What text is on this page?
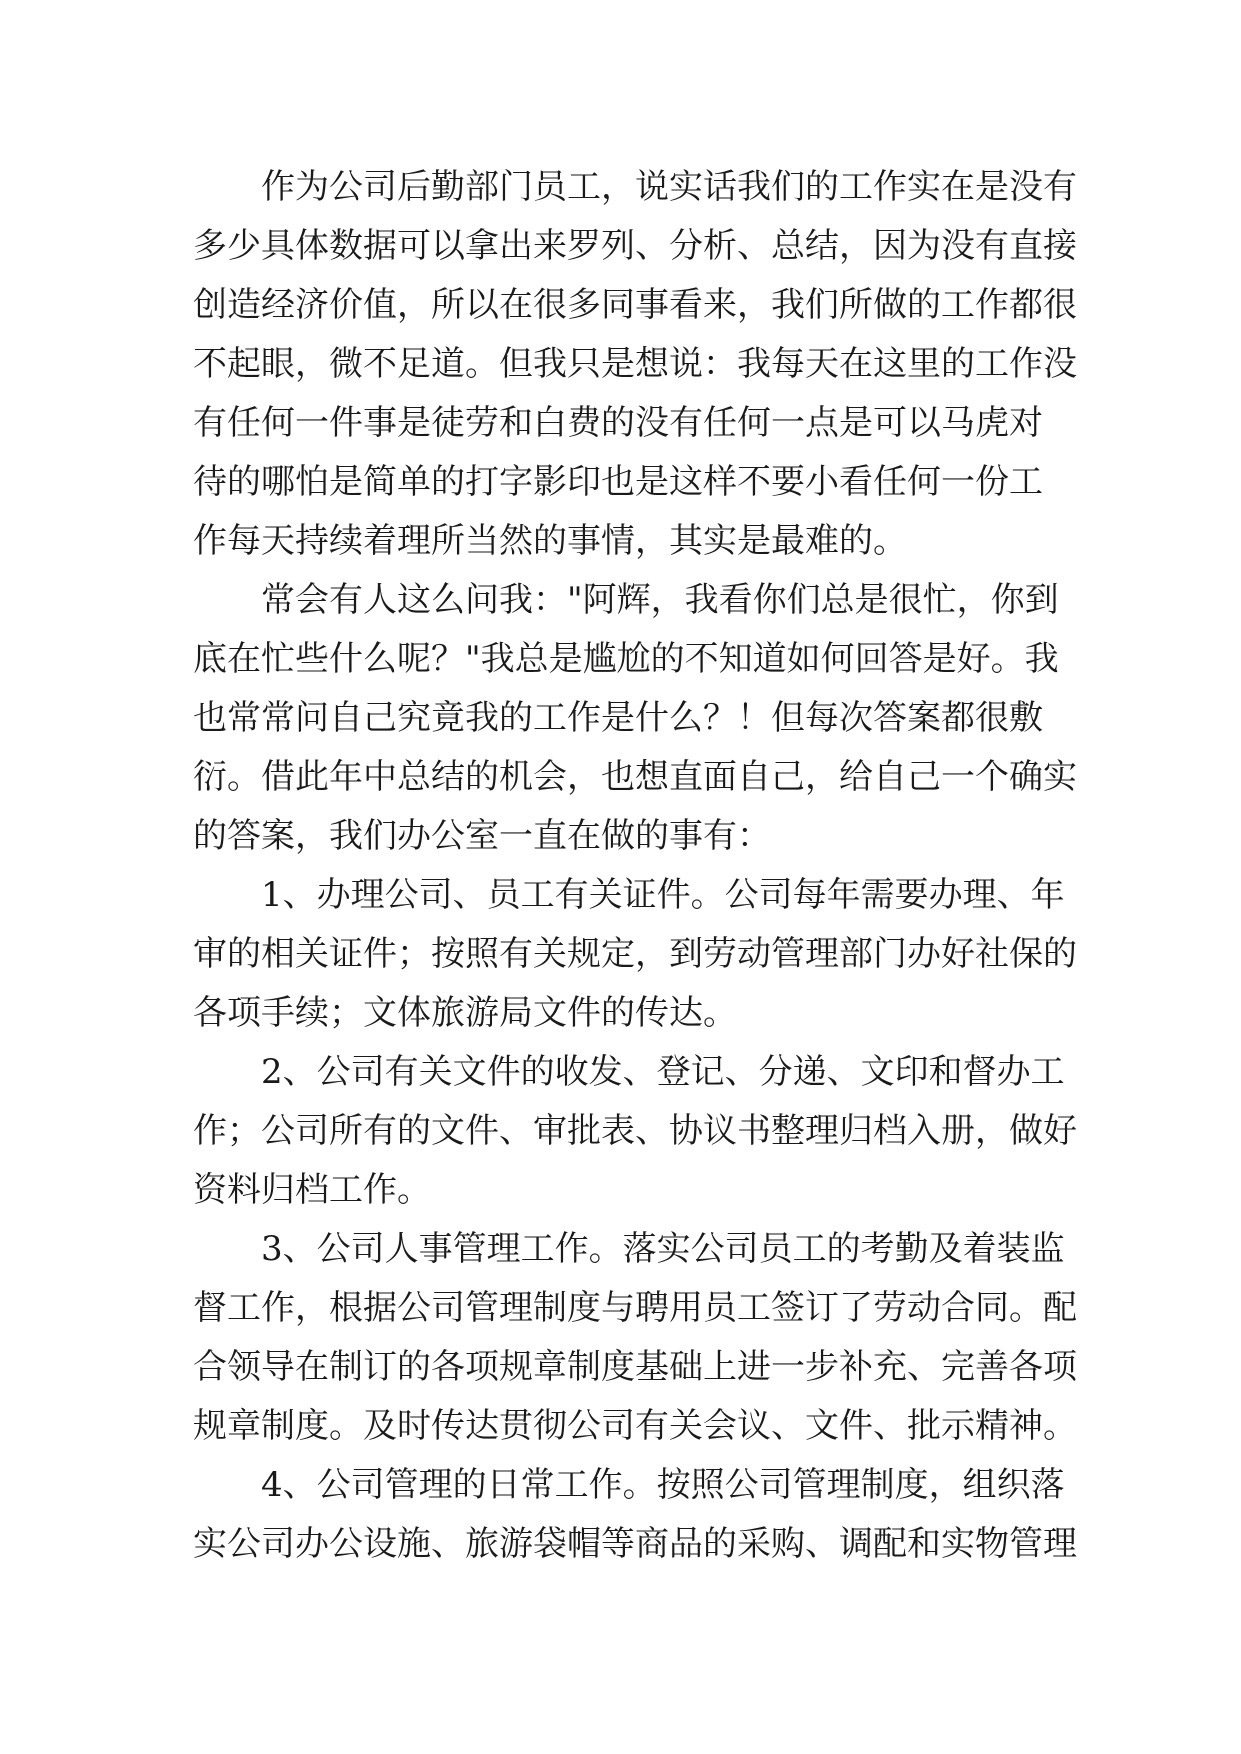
　　作为公司后勤部门员工，说实话我们的工作实在是没有
多少具体数据可以拿出来罗列、分析、总结，因为没有直接
创造经济价值，所以在很多同事看来，我们所做的工作都很
不起眼，微不足道。但我只是想说：我每天在这里的工作没
有任何一件事是徒劳和白费的没有任何一点是可以马虎对
待的哪怕是简单的打字影印也是这样不要小看任何一份工
作每天持续着理所当然的事情，其实是最难的。
　　常会有人这么问我："阿辉，我看你们总是很忙，你到
底在忙些什么呢？"我总是尴尬的不知道如何回答是好。我
也常常问自己究竟我的工作是什么？！但每次答案都很敷
衍。借此年中总结的机会，也想直面自己，给自己一个确实
的答案，我们办公室一直在做的事有：
　　1、办理公司、员工有关证件。公司每年需要办理、年
审的相关证件；按照有关规定，到劳动管理部门办好社保的
各项手续；文体旅游局文件的传达。
　　2、公司有关文件的收发、登记、分递、文印和督办工
作；公司所有的文件、审批表、协议书整理归档入册，做好
资料归档工作。
　　3、公司人事管理工作。落实公司员工的考勤及着装监
督工作，根据公司管理制度与聘用员工签订了劳动合同。配
合领导在制订的各项规章制度基础上进一步补充、完善各项
规章制度。及时传达贯彻公司有关会议、文件、批示精神。
　　4、公司管理的日常工作。按照公司管理制度，组织落
实公司办公设施、旅游袋帽等商品的采购、调配和实物管理
